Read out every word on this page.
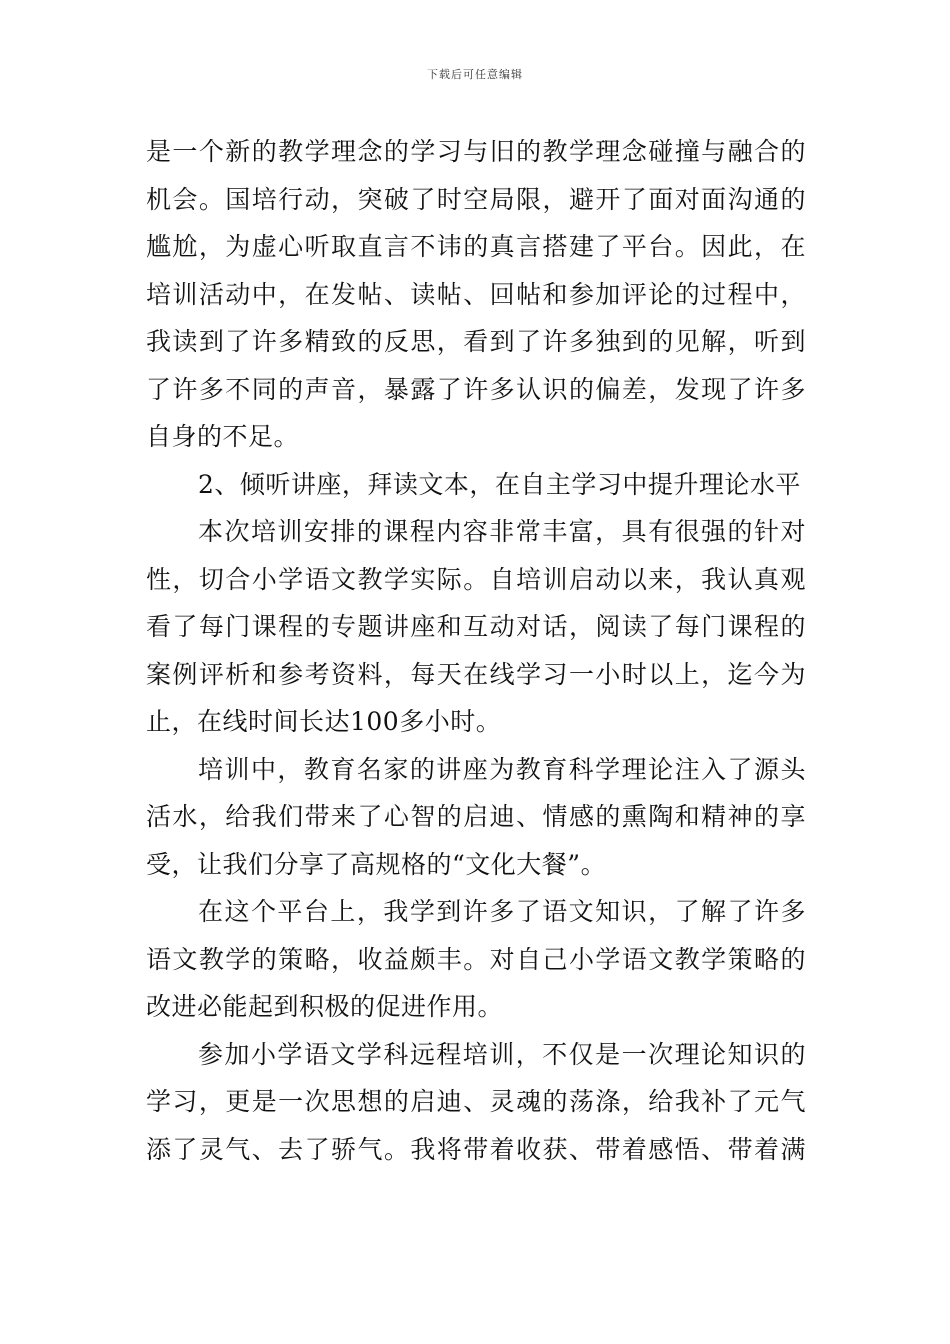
下载后可任意编辑
是一个新的教学理念的学习与旧的教学理念碰撞与融合的
机会。国培行动，突破了时空局限，避开了面对面沟通的
尴尬，为虚心听取直言不讳的真言搭建了平台。因此，在
培训活动中，在发帖、读帖、回帖和参加评论的过程中，
我读到了许多精致的反思，看到了许多独到的见解，听到
了许多不同的声音，暴露了许多认识的偏差，发现了许多
自身的不足。
2、倾听讲座，拜读文本，在自主学习中提升理论水平
本次培训安排的课程内容非常丰富，具有很强的针对
性，切合小学语文教学实际。自培训启动以来，我认真观
看了每门课程的专题讲座和互动对话，阅读了每门课程的
案例评析和参考资料，每天在线学习一小时以上，迄今为
止，在线时间长达100多小时。
培训中，教育名家的讲座为教育科学理论注入了源头
活水，给我们带来了心智的启迪、情感的熏陶和精神的享
受，让我们分享了高规格的“文化大餐”。
在这个平台上，我学到许多了语文知识，了解了许多
语文教学的策略，收益颇丰。对自己小学语文教学策略的
改进必能起到积极的促进作用。
参加小学语文学科远程培训，不仅是一次理论知识的
学习，更是一次思想的启迪、灵魂的荡涤，给我补了元气
添了灵气、去了骄气。我将带着收获、带着感悟、带着满
